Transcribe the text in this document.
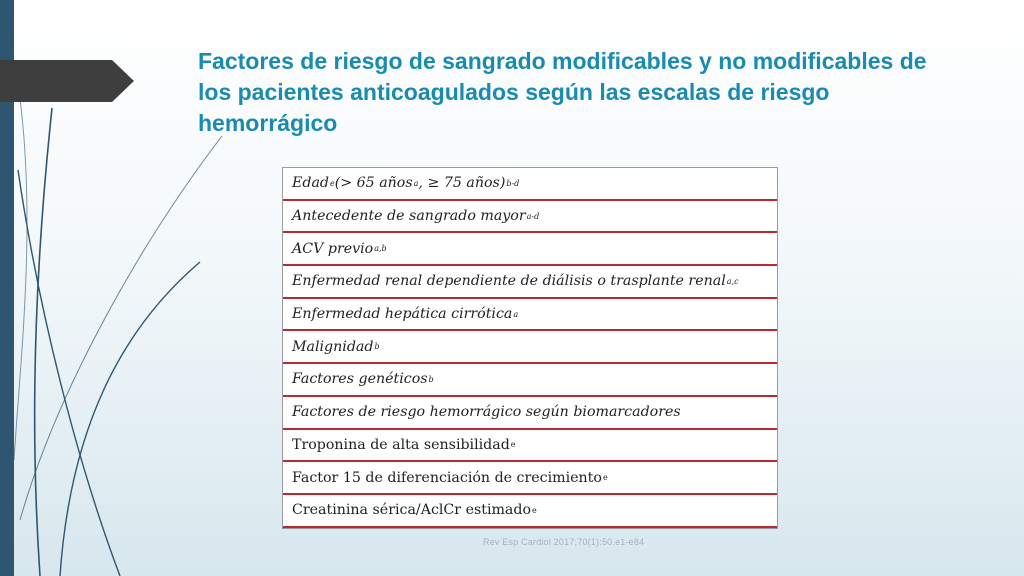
Factores de riesgo de sangrado modificables y no modificables de los pacientes anticoagulados según las escalas de riesgo hemorrágico
Edad e (> 65 años a , ≥ 75 años) b-d
Antecedente de sangrado mayor a-d
ACV previo a,b
Enfermedad renal dependiente de diálisis o trasplante renal a,c
Enfermedad hepática cirrótica a
Malignidad b
Factores genéticos b
Factores de riesgo hemorrágico según biomarcadores
Troponina de alta sensibilidad e
Factor 15 de diferenciación de crecimiento e
Creatinina sérica/AclCr estimado e
Rev Esp Cardiol 2017;70(1):50.e1-e84
